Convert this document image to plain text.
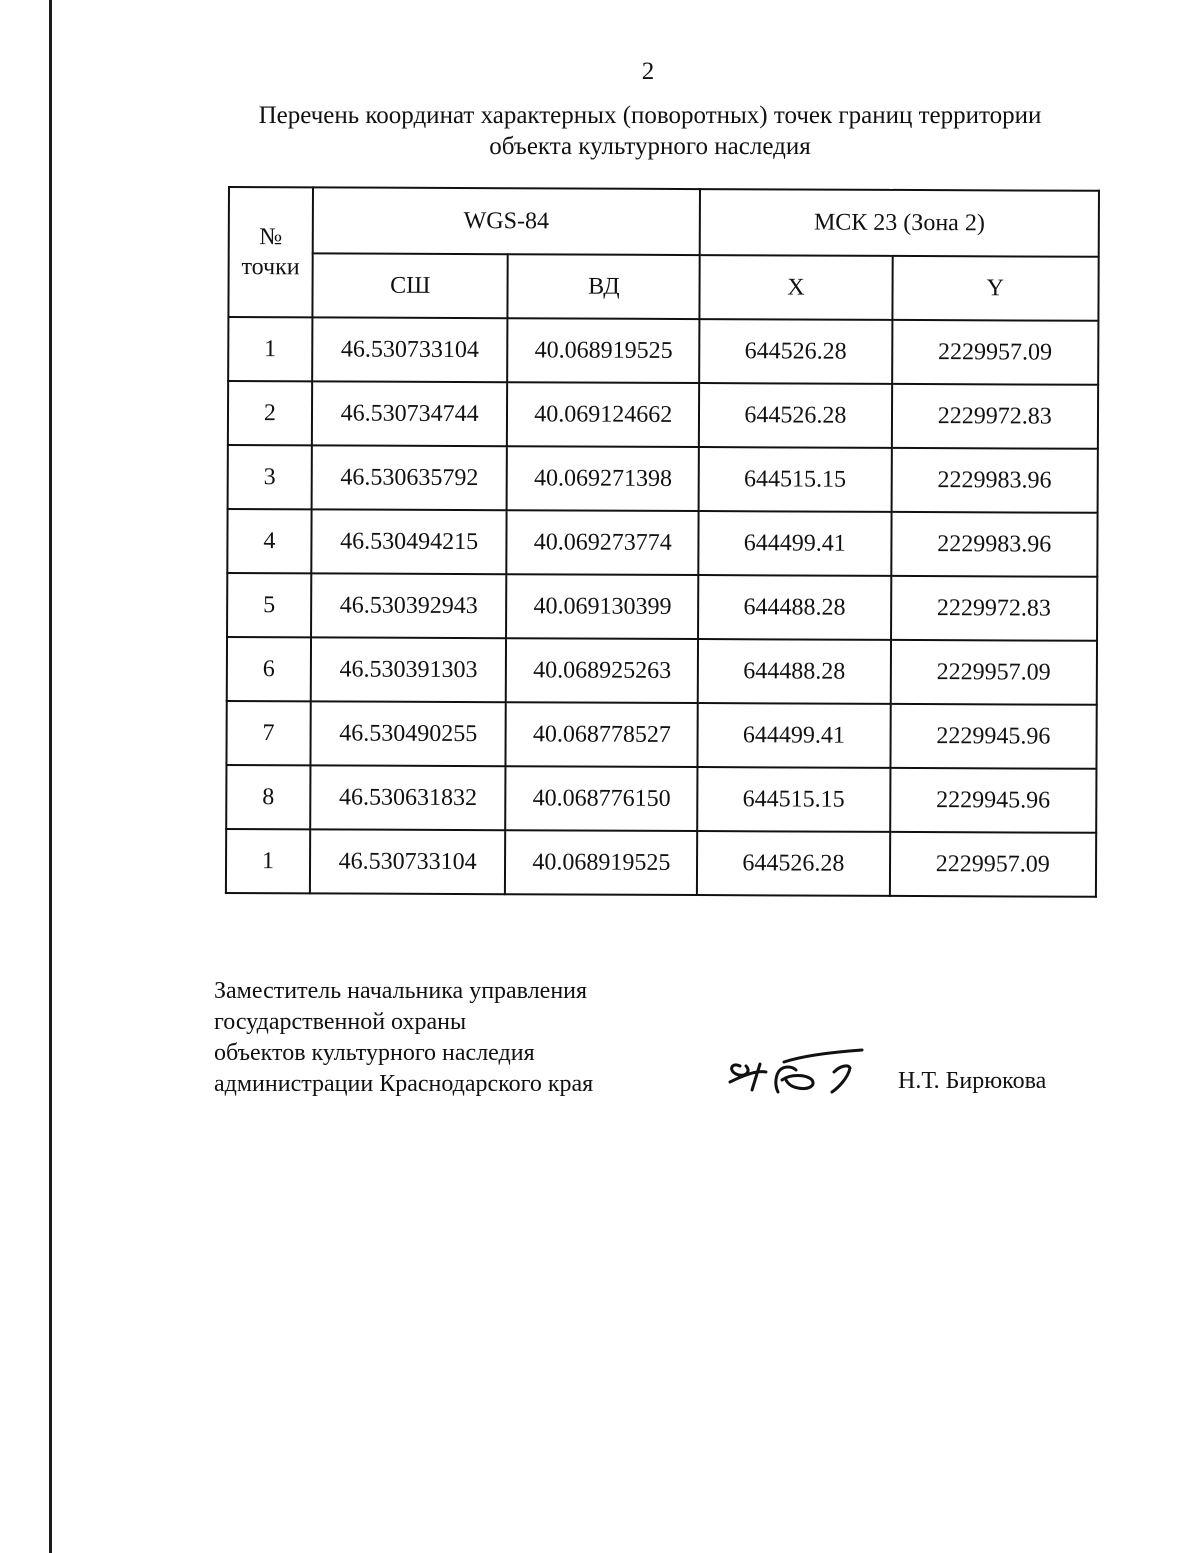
2
Перечень координат характерных (поворотных) точек границ территории
объекта культурного наследия
№
точки	WGS-84		МСК 23 (Зона 2)	
	СШ	ВД	X	Y
1	46.530733104	40.068919525	644526.28	2229957.09
2	46.530734744	40.069124662	644526.28	2229972.83
3	46.530635792	40.069271398	644515.15	2229983.96
4	46.530494215	40.069273774	644499.41	2229983.96
5	46.530392943	40.069130399	644488.28	2229972.83
6	46.530391303	40.068925263	644488.28	2229957.09
7	46.530490255	40.068778527	644499.41	2229945.96
8	46.530631832	40.068776150	644515.15	2229945.96
1	46.530733104	40.068919525	644526.28	2229957.09
Заместитель начальника управления
государственной охраны
объектов культурного наследия
администрации Краснодарского края	Н.Т. Бирюкова
